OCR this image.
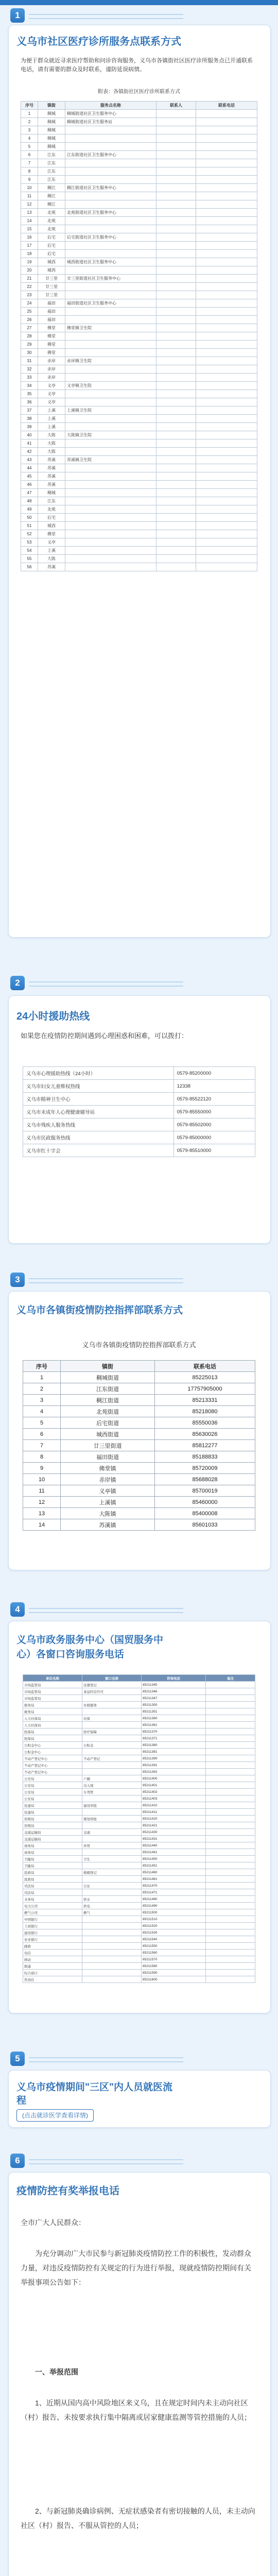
1
义乌市社区医疗诊所服务点联系方式
为便于群众就近寻求医疗帮助和问诊咨询服务，义乌市各镇街社区医疗诊所服务点已开通联系电话，请有需要的群众及时联系，谨防延误病情。
附表：各镇街社区医疗诊所联系方式
序号	镇街	服务点名称	联系人	联系电话
1	稠城	稠城街道社区卫生服务中心		
2	稠城	稠城街道社区卫生服务站		
3	稠城			
4	稠城			
5	稠城			
6	江东	江东街道社区卫生服务中心		
7	江东			
8	江东			
9	江东			
10	稠江	稠江街道社区卫生服务中心		
11	稠江			
12	稠江			
13	北苑	北苑街道社区卫生服务中心		
14	北苑			
15	北苑			
16	后宅	后宅街道社区卫生服务中心		
17	后宅			
18	后宅			
19	城西	城西街道社区卫生服务中心		
20	城西			
21	廿三里	廿三里街道社区卫生服务中心		
22	廿三里			
23	廿三里			
24	福田	福田街道社区卫生服务中心		
25	福田			
26	福田			
27	佛堂	佛堂镇卫生院		
28	佛堂			
29	佛堂			
30	佛堂			
31	赤岸	赤岸镇卫生院		
32	赤岸			
33	赤岸			
34	义亭	义亭镇卫生院		
35	义亭			
36	义亭			
37	上溪	上溪镇卫生院		
38	上溪			
39	上溪			
40	大陈	大陈镇卫生院		
41	大陈			
42	大陈			
43	苏溪	苏溪镇卫生院		
44	苏溪			
45	苏溪			
46	苏溪			
47	稠城			
48	江东			
49	北苑			
50	后宅			
51	城西			
52	佛堂			
53	义亭			
54	上溪			
55	大陈			
56	苏溪			
2
24小时援助热线
如果您在疫情防控期间遇到心理困惑和困难，可以拨打：
义乌市心理援助热线（24小时）	0579-85200000
义乌市妇女儿童维权热线	12338
义乌市精神卫生中心	0579-85522120
义乌市未成年人心理健康辅导站	0579-85550000
义乌市残疾人服务热线	0579-85502000
义乌市民政服务热线	0579-85000000
义乌市红十字会	0579-85510000
3
义乌市各镇街疫情防控指挥部联系方式
义乌市各镇街疫情防控指挥部联系方式
序号	镇街	联系电话
1	稠城街道	85225013
2	江东街道	17757905000
3	稠江街道	85213331
4	北苑街道	85218080
5	后宅街道	85550036
6	城西街道	85630026
7	廿三里街道	85812277
8	福田街道	85188833
9	佛堂镇	85720009
10	赤岸镇	85688028
11	义亭镇	85700019
12	上溪镇	85460000
13	大陈镇	85400008
14	苏溪镇	85601033
4
义乌市政务服务中心（国贸服务中
心）各窗口咨询服务电话
单位名称	窗口名称	咨询电话	备注
市场监管局	注册登记	85211345	
市场监管局	食品经营许可	85211346	
市场监管局		85211347	
税务局	办税服务	85211350	
税务局		85211351	
人力社保局	社保	85211360	
人力社保局		85211361	
医保局	医疗保障	85211370	
医保局		85211371	
公积金中心	公积金	85211380	
公积金中心		85211381	
不动产登记中心	不动产登记	85211390	
不动产登记中心		85211391	
不动产登记中心		85211392	
公安局	户籍	85211400	
公安局	出入境	85211401	
公安局	车驾管	85211402	
公安局		85211403	
住建局	建设审批	85211410	
住建局		85211411	
资规局	规划审批	85211420	
资规局		85211421	
交通运输局	交通	85211430	
交通运输局		85211431	
商务局	外贸	85211440	
商务局		85211441	
卫健局	卫生	85211450	
卫健局		85211451	
民政局	婚姻登记	85211460	
民政局		85211461	
司法局	公证	85211470	
司法局		85211471	
水务局	供水	85211480	
电力公司	供电	85211490	
燃气公司	燃气	85211500	
中国银行		85211510	
工商银行		85211520	
建设银行		85211530	
农业银行		85211540	
邮政		85211550	
电信		85211560	
移动		85211570	
联通		85211580	
综合窗口		85211590	
咨询台		85211600	
5
义乌市疫情期间"三区"内人员就医流
程
(点击就诊医学查看详情)
6
疫情防控有奖举报电话
全市广大人民群众：
为充分调动广大市民参与新冠肺炎疫情防控工作的积极性，发动群众力量，对违反疫情防控有关规定的行为进行举报，现就疫情防控期间有关举报事项公告如下：
一、举报范围
1、近期从国内高中风险地区来义乌，且在规定时间内未主动向社区（村）报告、未按要求执行集中隔离或居家健康监测等管控措施的人员；
2、与新冠肺炎确诊病例、无症状感染者有密切接触的人员，未主动向社区（村）报告、不服从管控的人员；
